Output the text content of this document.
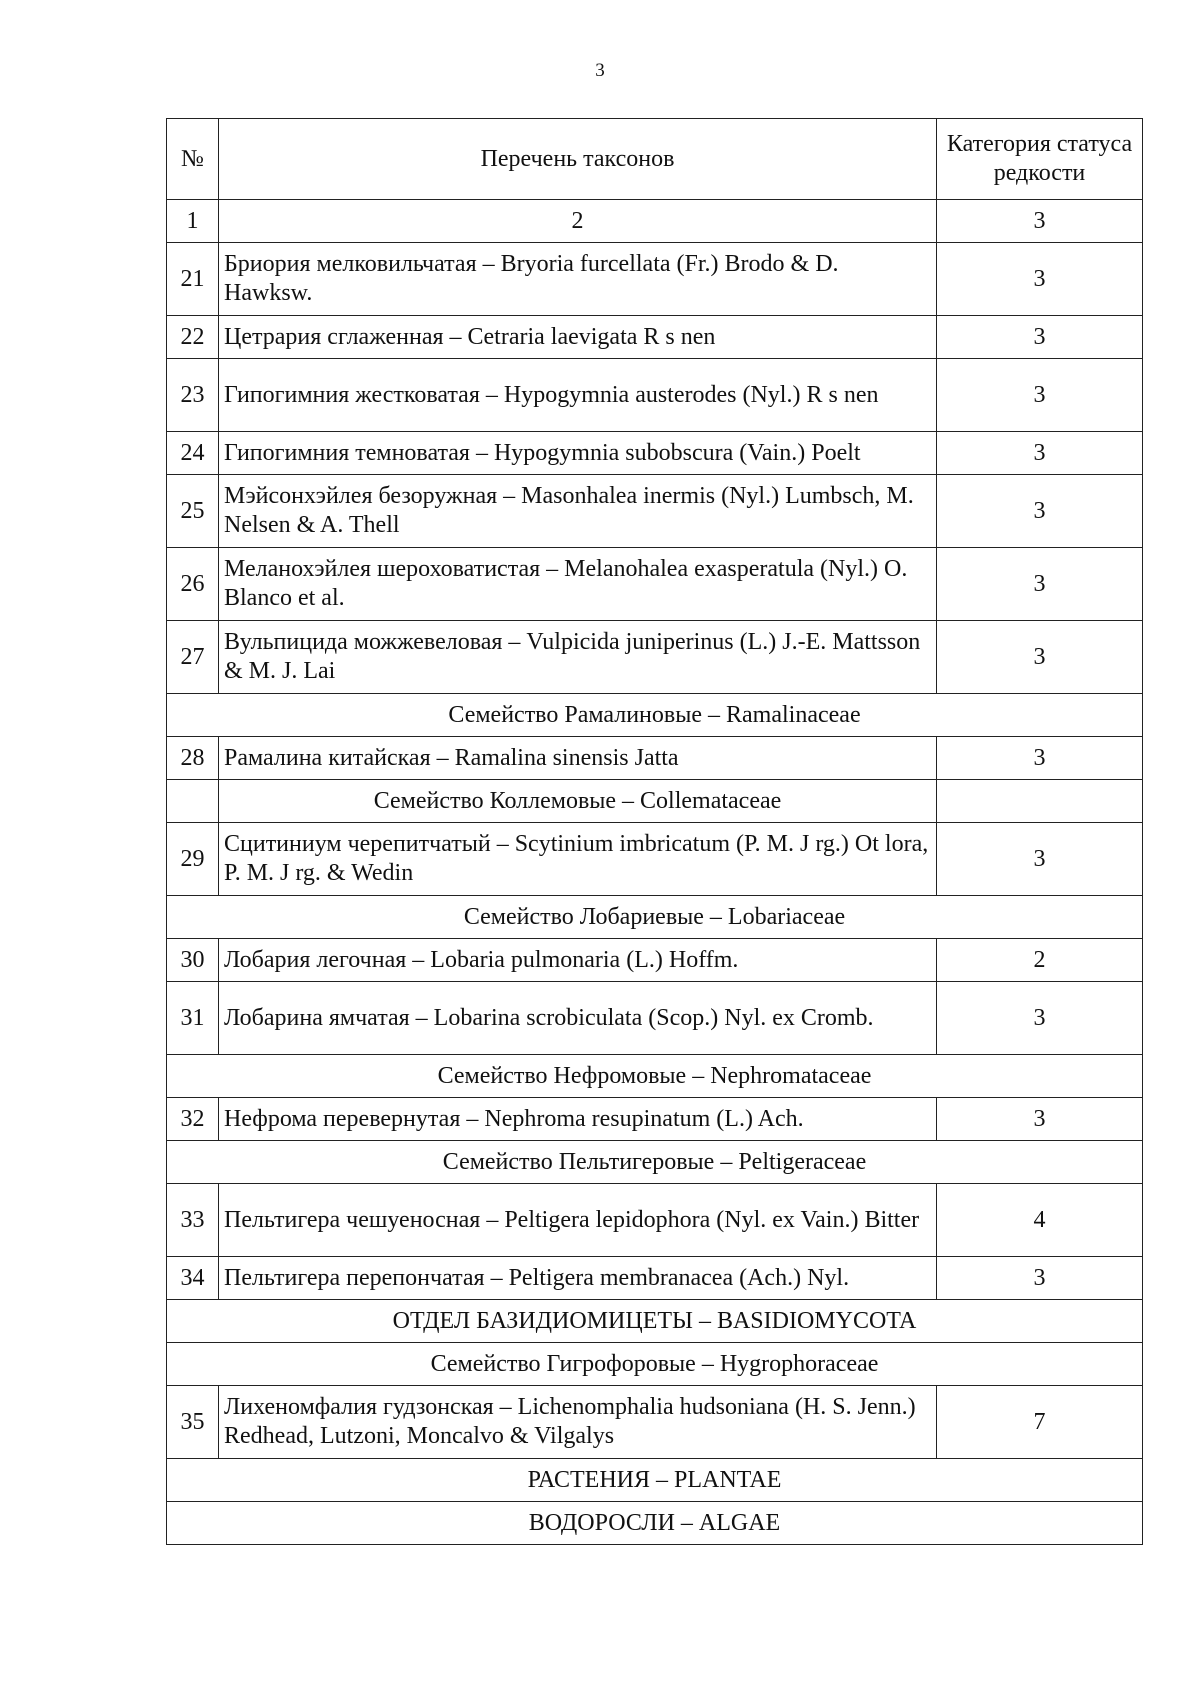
3
№	Перечень таксонов	Категория статуса редкости
1	2	3
21	Бриория мелковильчатая – Bryoria furcellata (Fr.) Brodo & D. Hawksw.	3
22	Цетрария сглаженная – Cetraria laevigata R s nen	3
23	Гипогимния жестковатая – Hypogymnia austerodes (Nyl.) R s nen	3
24	Гипогимния темноватая – Hypogymnia subobscura (Vain.) Poelt	3
25	Мэйсонхэйлея безоружная – Masonhalea inermis (Nyl.) Lumbsch, M. Nelsen & A. Thell	3
26	Меланохэйлея шероховатистая – Melanohalea exasperatula (Nyl.) O. Blanco et al.	3
27	Вульпицида можжевеловая – Vulpicida juniperinus (L.) J.-E. Mattsson & M. J. Lai	3
Семейство Рамалиновые – Ramalinaceae		
28	Рамалина китайская – Ramalina sinensis Jatta	3
	Семейство Коллемовые – Collemataceae	
29	Сцитиниум черепитчатый – Scytinium imbricatum (P. M. J rg.) Ot lora, P. M. J rg. & Wedin	3
Семейство Лобариевые – Lobariaceae		
30	Лобария легочная – Lobaria pulmonaria (L.) Hoffm.	2
31	Лобарина ямчатая – Lobarina scrobiculata (Scop.) Nyl. ex Cromb.	3
Семейство Нефромовые – Nephromataceae		
32	Нефрома перевернутая – Nephroma resupinatum (L.) Ach.	3
Семейство Пельтигеровые – Peltigeraceae		
33	Пельтигера чешуеносная – Peltigera lepidophora (Nyl. ex Vain.) Bitter	4
34	Пельтигера перепончатая – Peltigera membranacea (Ach.) Nyl.	3
ОТДЕЛ БАЗИДИОМИЦЕТЫ – BASIDIOMYCOTA		
Семейство Гигрофоровые – Hygrophoraceae		
35	Лихеномфалия гудзонская – Lichenomphalia hudsoniana (H. S. Jenn.) Redhead, Lutzoni, Moncalvo & Vilgalys	7
РАСТЕНИЯ – PLANTAE		
ВОДОРОСЛИ – ALGAE		
